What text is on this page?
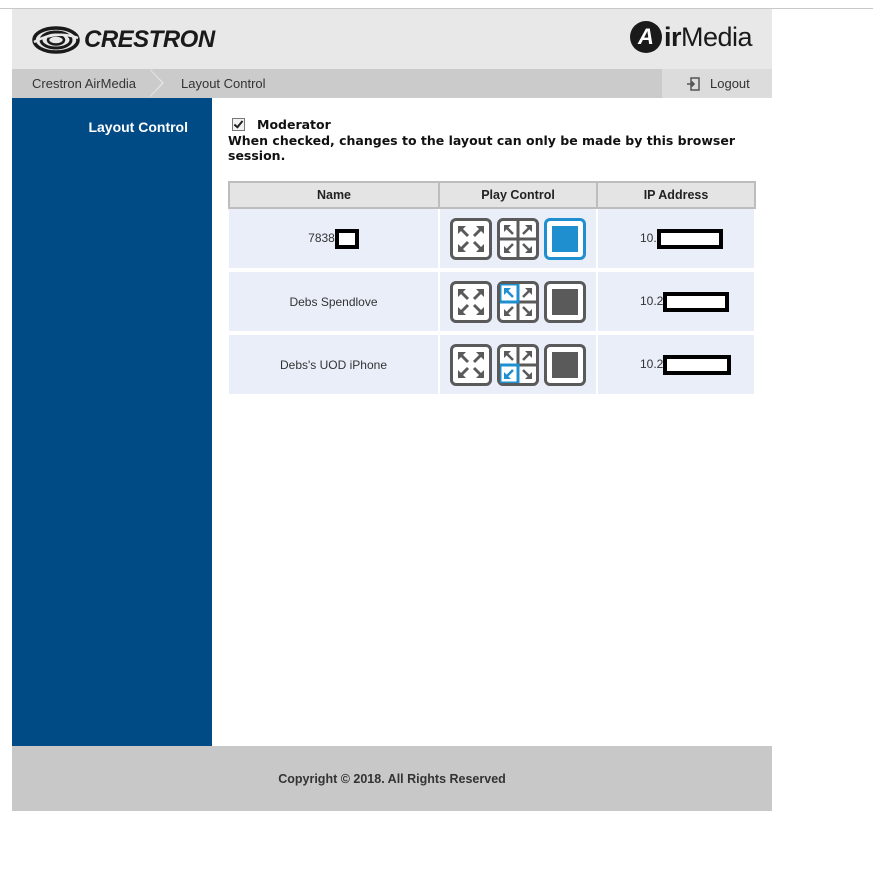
CRESTRON	A irMedia
Crestron AirMedia	Layout Control	Logout
Layout Control	Moderator
When checked, changes to the layout can only be made by this browser session.
Name	Play Control	IP Address
7838		10.
Debs Spendlove		10.2
Debs's UOD iPhone		10.2
Copyright © 2018. All Rights Reserved
